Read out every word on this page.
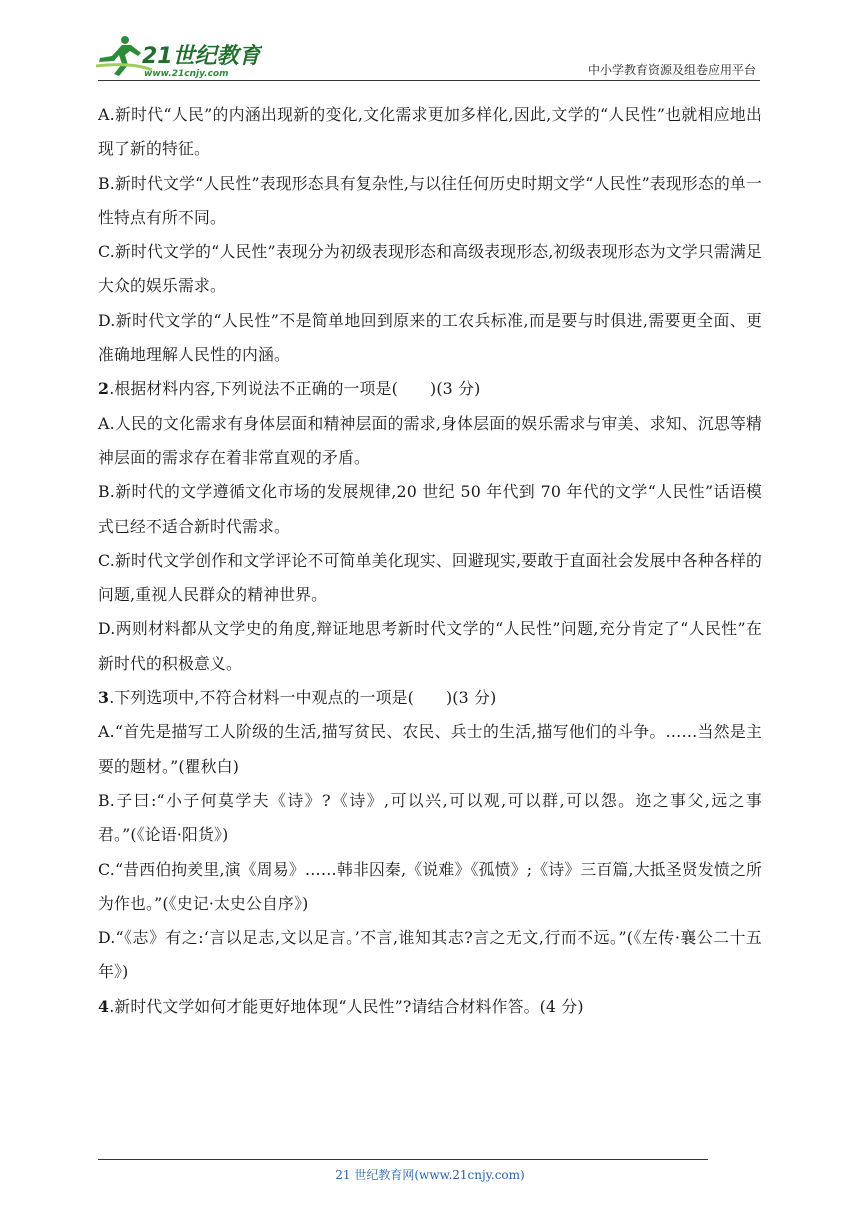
21世纪教育
www.21cnjy.com	中小学教育资源及组卷应用平台

A.新时代“人民”的内涵出现新的变化,文化需求更加多样化,因此,文学的“人民性”也就相应地出现了新的特征。

B.新时代文学“人民性”表现形态具有复杂性,与以往任何历史时期文学“人民性”表现形态的单一性特点有所不同。

C.新时代文学的“人民性”表现分为初级表现形态和高级表现形态,初级表现形态为文学只需满足大众的娱乐需求。

D.新时代文学的“人民性”不是简单地回到原来的工农兵标准,而是要与时俱进,需要更全面、更准确地理解人民性的内涵。

2.根据材料内容,下列说法不正确的一项是(　　)(3 分)

A.人民的文化需求有身体层面和精神层面的需求,身体层面的娱乐需求与审美、求知、沉思等精神层面的需求存在着非常直观的矛盾。

B.新时代的文学遵循文化市场的发展规律,20 世纪 50 年代到 70 年代的文学“人民性”话语模式已经不适合新时代需求。

C.新时代文学创作和文学评论不可简单美化现实、回避现实,要敢于直面社会发展中各种各样的问题,重视人民群众的精神世界。

D.两则材料都从文学史的角度,辩证地思考新时代文学的“人民性”问题,充分肯定了“人民性”在新时代的积极意义。

3.下列选项中,不符合材料一中观点的一项是(　　)(3 分)

A.“首先是描写工人阶级的生活,描写贫民、农民、兵士的生活,描写他们的斗争。……当然是主要的题材。”(瞿秋白)

B.子曰:“小子何莫学夫《诗》?《诗》,可以兴,可以观,可以群,可以怨。迩之事父,远之事君。”(《论语·阳货》)

C.“昔西伯拘羑里,演《周易》……韩非囚秦,《说难》《孤愤》;《诗》三百篇,大抵圣贤发愤之所为作也。”(《史记·太史公自序》)

D.“《志》有之:‘言以足志,文以足言。’不言,谁知其志?言之无文,行而不远。”(《左传·襄公二十五年》)

4.新时代文学如何才能更好地体现“人民性”?请结合材料作答。(4 分)

21 世纪教育网(www.21cnjy.com)
